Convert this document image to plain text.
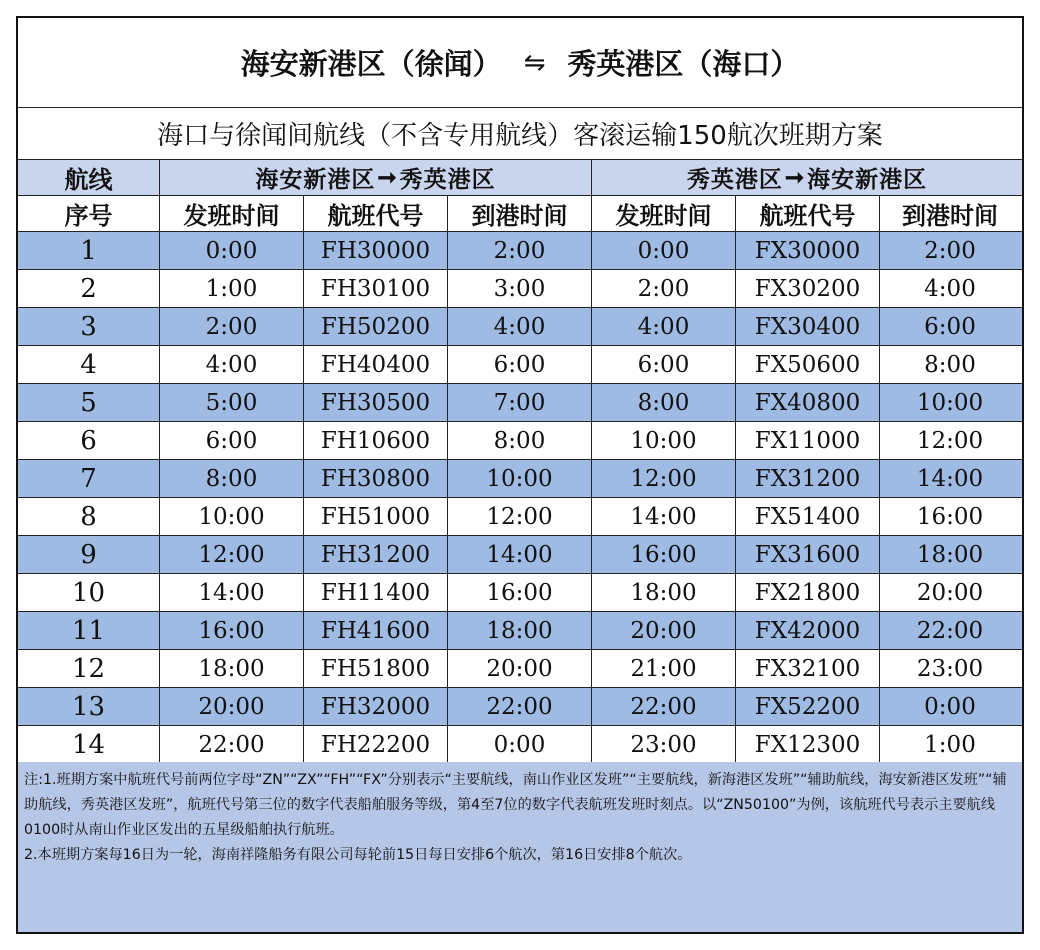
海安新港区（徐闻） ⇋ 秀英港区（海口）
海口与徐闻间航线（不含专用航线）客滚运输150航次班期方案
航线	海安新港区 ➞ 秀英港区	秀英港区 ➞ 海安新港区
序号	发班时间	航班代号	到港时间	发班时间	航班代号	到港时间
1	0:00	FH30000	2:00	0:00	FX30000	2:00
2	1:00	FH30100	3:00	2:00	FX30200	4:00
3	2:00	FH50200	4:00	4:00	FX30400	6:00
4	4:00	FH40400	6:00	6:00	FX50600	8:00
5	5:00	FH30500	7:00	8:00	FX40800	10:00
6	6:00	FH10600	8:00	10:00	FX11000	12:00
7	8:00	FH30800	10:00	12:00	FX31200	14:00
8	10:00	FH51000	12:00	14:00	FX51400	16:00
9	12:00	FH31200	14:00	16:00	FX31600	18:00
10	14:00	FH11400	16:00	18:00	FX21800	20:00
11	16:00	FH41600	18:00	20:00	FX42000	22:00
12	18:00	FH51800	20:00	21:00	FX32100	23:00
13	20:00	FH32000	22:00	22:00	FX52200	0:00
14	22:00	FH22200	0:00	23:00	FX12300	1:00

注:1.班期方案中航班代号前两位字母“ZN”“ZX”“FH”“FX”分别表示“主要航线，南山作业区发班”“主要航线，新海港区发班”“辅助航线，海安新港区发班”“辅助航线，秀英港区发班”，航班代号第三位的数字代表船舶服务等级，第4至7位的数字代表航班发班时刻点。以“ZN50100”为例，该航班代号表示主要航线0100时从南山作业区发出的五星级船舶执行航班。

2.本班期方案每16日为一轮，海南祥隆船务有限公司每轮前15日每日安排6个航次，第16日安排8个航次。
